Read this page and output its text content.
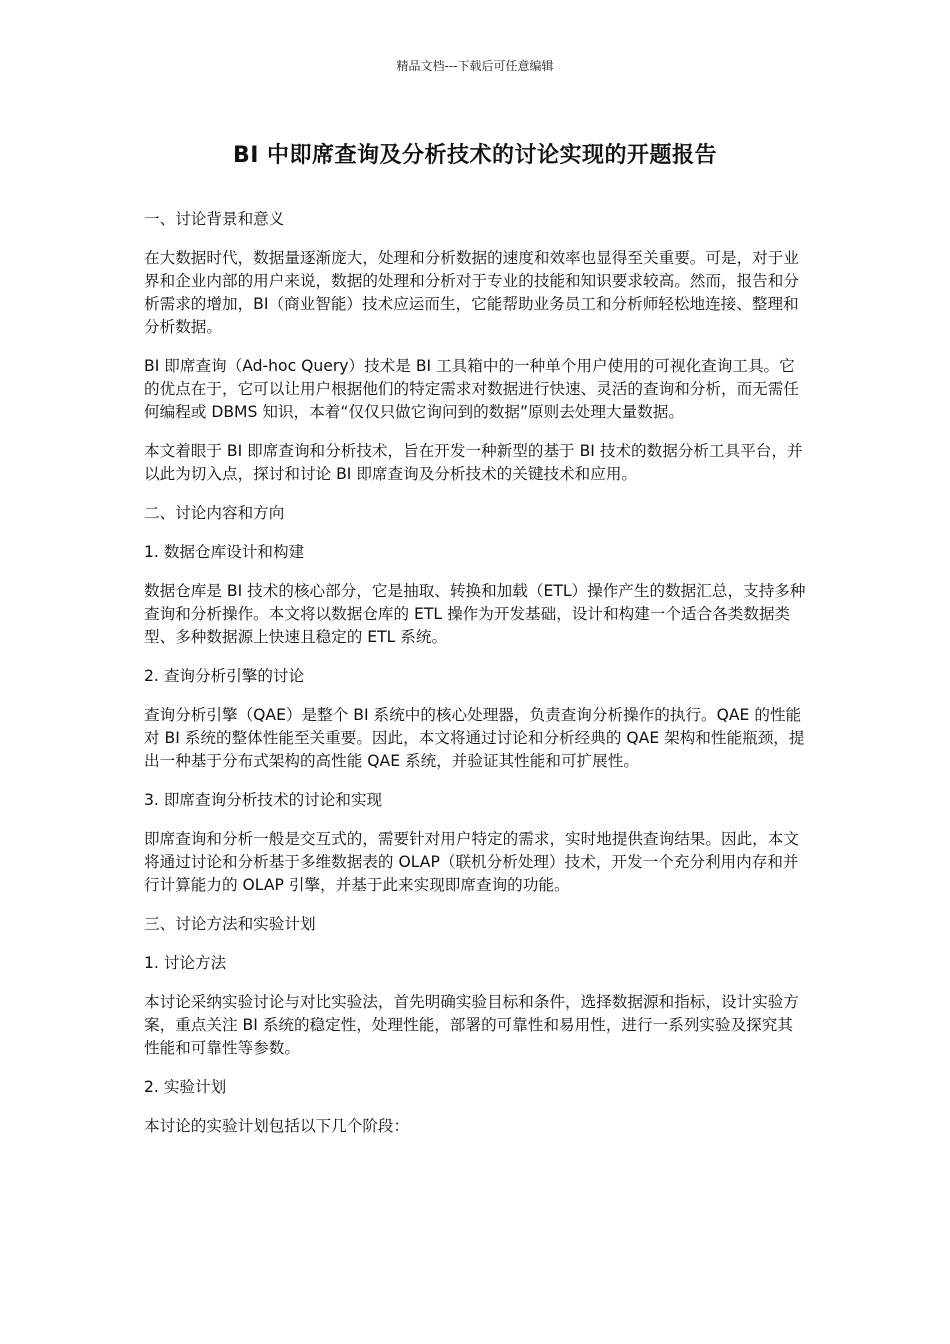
精品文档---下载后可任意编辑
BI 中即席查询及分析技术的讨论实现的开题报告
一、讨论背景和意义
在大数据时代，数据量逐渐庞大，处理和分析数据的速度和效率也显得至关重要。可是，对于业界和企业内部的用户来说，数据的处理和分析对于专业的技能和知识要求较高。然而，报告和分析需求的增加，BI（商业智能）技术应运而生，它能帮助业务员工和分析师轻松地连接、整理和分析数据。
BI 即席查询（Ad-hoc Query）技术是 BI 工具箱中的一种单个用户使用的可视化查询工具。它的优点在于，它可以让用户根据他们的特定需求对数据进行快速、灵活的查询和分析，而无需任何编程或 DBMS 知识，本着“仅仅只做它询问到的数据”原则去处理大量数据。
本文着眼于 BI 即席查询和分析技术，旨在开发一种新型的基于 BI 技术的数据分析工具平台，并以此为切入点，探讨和讨论 BI 即席查询及分析技术的关键技术和应用。
二、讨论内容和方向
1. 数据仓库设计和构建
数据仓库是 BI 技术的核心部分，它是抽取、转换和加载（ETL）操作产生的数据汇总，支持多种查询和分析操作。本文将以数据仓库的 ETL 操作为开发基础，设计和构建一个适合各类数据类型、多种数据源上快速且稳定的 ETL 系统。
2. 查询分析引擎的讨论
查询分析引擎（QAE）是整个 BI 系统中的核心处理器，负责查询分析操作的执行。QAE 的性能对 BI 系统的整体性能至关重要。因此，本文将通过讨论和分析经典的 QAE 架构和性能瓶颈，提出一种基于分布式架构的高性能 QAE 系统，并验证其性能和可扩展性。
3. 即席查询分析技术的讨论和实现
即席查询和分析一般是交互式的，需要针对用户特定的需求，实时地提供查询结果。因此，本文将通过讨论和分析基于多维数据表的 OLAP（联机分析处理）技术，开发一个充分利用内存和并行计算能力的 OLAP 引擎，并基于此来实现即席查询的功能。
三、讨论方法和实验计划
1. 讨论方法
本讨论采纳实验讨论与对比实验法，首先明确实验目标和条件，选择数据源和指标，设计实验方案，重点关注 BI 系统的稳定性，处理性能，部署的可靠性和易用性，进行一系列实验及探究其性能和可靠性等参数。
2. 实验计划
本讨论的实验计划包括以下几个阶段：
